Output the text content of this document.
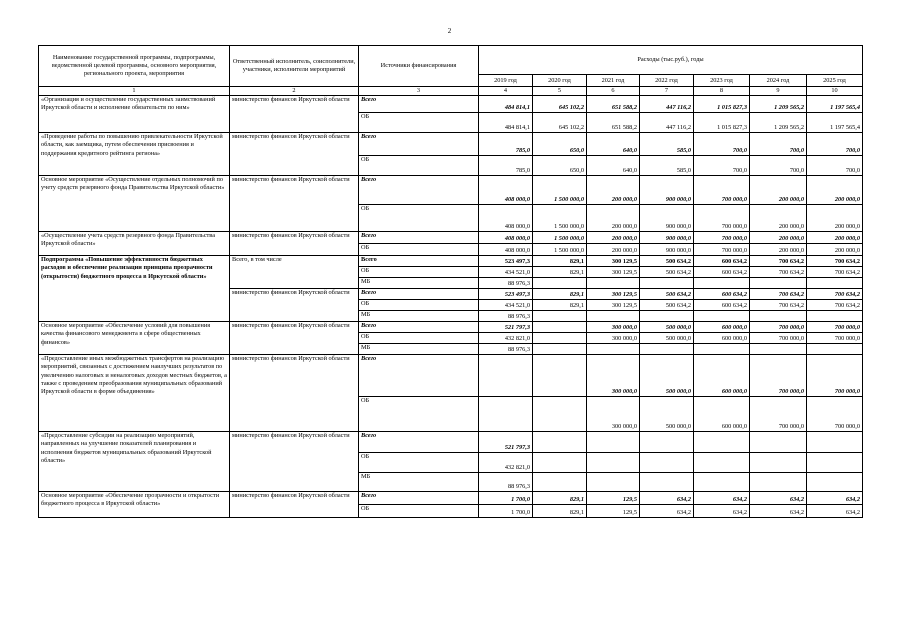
2
Наименование государственной программы, подпрограммы, ведомственной целевой программы, основного мероприятия, регионального проекта, мероприятия	Ответственный исполнитель, соисполнители, участники, исполнители мероприятий	Источники финансирования	Расходы (тыс.руб.), годы						
			2019 год	2020 год	2021 год	2022 год	2023 год	2024 год	2025 год
1	2	3	4	5	6	7	8	9	10
«Организация и осуществление государственных заимствований Иркутской области и исполнение обязательств по ним»	министерство финансов Иркутской области	Всего	484 814,1	645 102,2	651 588,2	447 116,2	1 015 827,3	1 209 565,2	1 197 565,4
		ОБ	484 814,1	645 102,2	651 588,2	447 116,2	1 015 827,3	1 209 565,2	1 197 565,4
«Проведение работы по повышению привлекательности Иркутской области, как заемщика, путем обеспечения присвоения и поддержания кредитного рейтинга региона»	министерство финансов Иркутской области	Всего	785,0	650,0	640,0	585,0	700,0	700,0	700,0
		ОБ	785,0	650,0	640,0	585,0	700,0	700,0	700,0
Основное мероприятие «Осуществление отдельных полномочий по учету средств резервного фонда Правительства Иркутской области»	министерство финансов Иркутской области	Всего	408 000,0	1 500 000,0	200 000,0	900 000,0	700 000,0	200 000,0	200 000,0
		ОБ	408 000,0	1 500 000,0	200 000,0	900 000,0	700 000,0	200 000,0	200 000,0
«Осуществление учета средств резервного фонда Правительства Иркутской области»	министерство финансов Иркутской области	Всего	408 000,0	1 500 000,0	200 000,0	900 000,0	700 000,0	200 000,0	200 000,0
		ОБ	408 000,0	1 500 000,0	200 000,0	900 000,0	700 000,0	200 000,0	200 000,0
Подпрограмма «Повышение эффективности бюджетных расходов и обеспечение реализации принципа прозрачности (открытости) бюджетного процесса в Иркутской области»	Всего, в том числе	Всего	523 497,3	829,1	300 129,5	500 634,2	600 634,2	700 634,2	700 634,2
		ОБ	434 521,0	829,1	300 129,5	500 634,2	600 634,2	700 634,2	700 634,2
		МБ	88 976,3						
	министерство финансов Иркутской области	Всего	523 497,3	829,1	300 129,5	500 634,2	600 634,2	700 634,2	700 634,2
		ОБ	434 521,0	829,1	300 129,5	500 634,2	600 634,2	700 634,2	700 634,2
		МБ	88 976,3						
Основное мероприятие «Обеспечение условий для повышения качества финансового менеджмента в сфере общественных финансов»	министерство финансов Иркутской области	Всего	521 797,3		300 000,0	500 000,0	600 000,0	700 000,0	700 000,0
		ОБ	432 821,0		300 000,0	500 000,0	600 000,0	700 000,0	700 000,0
		МБ	88 976,3						
«Предоставление иных межбюджетных трансфертов на реализацию мероприятий, связанных с достижением наилучших результатов по увеличению налоговых и неналоговых доходов местных бюджетов, а также с проведением преобразования муниципальных образований Иркутской области в форме объединения»	министерство финансов Иркутской области	Всего			300 000,0	500 000,0	600 000,0	700 000,0	700 000,0
		ОБ			300 000,0	500 000,0	600 000,0	700 000,0	700 000,0
«Предоставление субсидии на реализацию мероприятий, направленных на улучшение показателей планирования и исполнения бюджетов муниципальных образований Иркутской области»	министерство финансов Иркутской области	Всего	521 797,3						
		ОБ	432 821,0						
		МБ	88 976,3						
Основное мероприятие «Обеспечение прозрачности и открытости бюджетного процесса в Иркутской области»	министерство финансов Иркутской области	Всего	1 700,0	829,1	129,5	634,2	634,2	634,2	634,2
		ОБ	1 700,0	829,1	129,5	634,2	634,2	634,2	634,2
